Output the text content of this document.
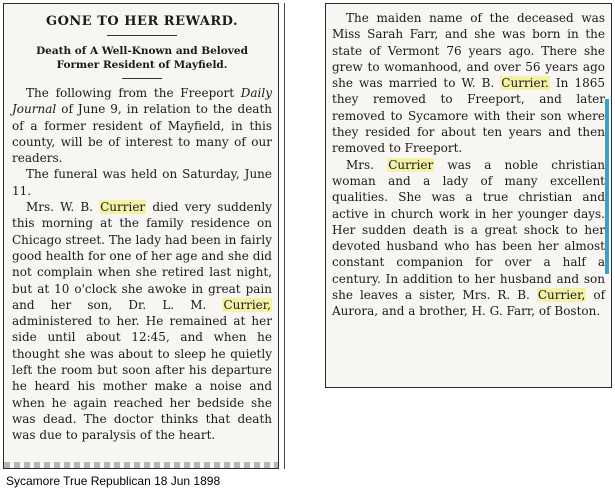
GONE TO HER REWARD.
Death of A Well-Known and Beloved
Former Resident of Mayfield.

The following from the Freeport Daily Journal of June 9, in relation to the death of a former resident of Mayfield, in this county, will be of interest to many of our readers.

The funeral was held on Saturday, June 11.

Mrs. W. B. Currier died very suddenly this morning at the family residence on Chicago street. The lady had been in fairly good health for one of her age and she did not complain when she retired last night, but at 10 o'clock she awoke in great pain and her son, Dr. L. M. Currier, administered to her. He remained at her side until about 12:45, and when he thought she was about to sleep he quietly left the room but soon after his departure he heard his mother make a noise and when he again reached her bedside she was dead. The doctor thinks that death was due to paralysis of the heart.

The maiden name of the deceased was Miss Sarah Farr, and she was born in the state of Vermont 76 years ago. There she grew to womanhood, and over 56 years ago she was married to W. B. Currier. In 1865 they removed to Freeport, and later removed to Sycamore with their son where they resided for about ten years and then removed to Freeport.

Mrs. Currier was a noble christian woman and a lady of many excellent qualities. She was a true christian and active in church work in her younger days. Her sudden death is a great shock to her devoted husband who has been her almost constant companion for over a half a century. In addition to her husband and son she leaves a sister, Mrs. R. B. Currier, of Aurora, and a brother, H. G. Farr, of Boston.

Sycamore True Republican 18 Jun 1898
